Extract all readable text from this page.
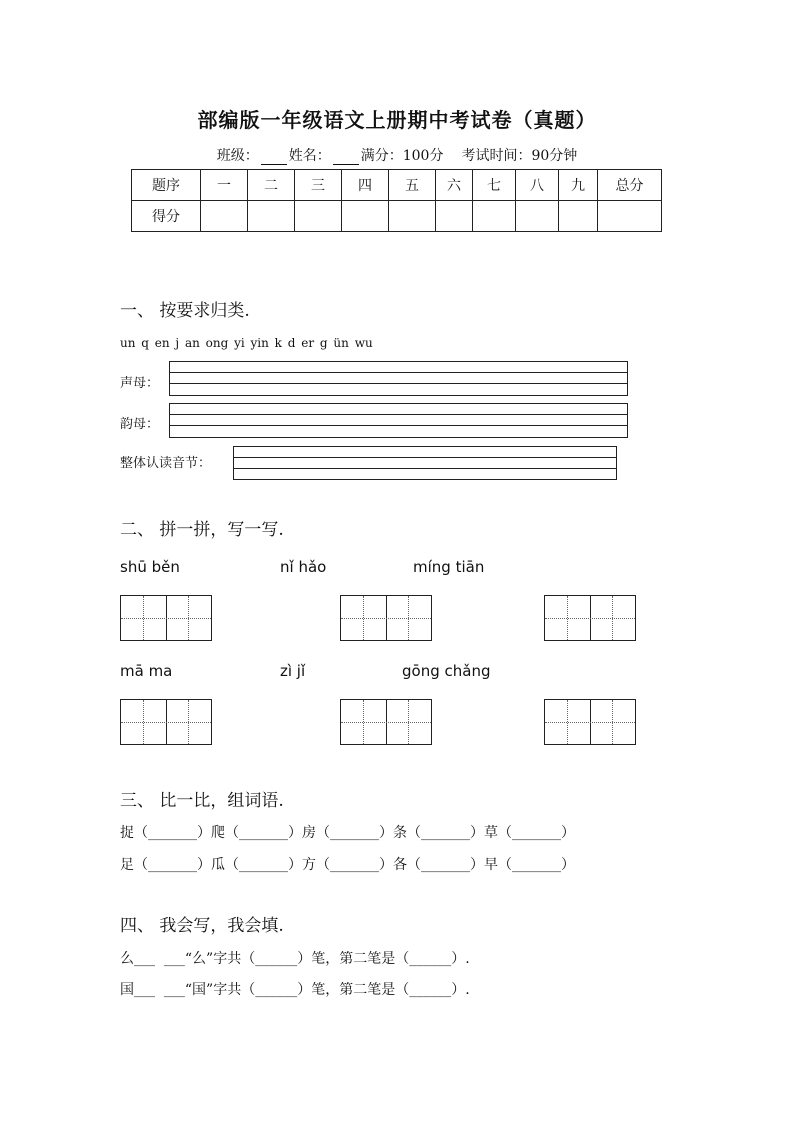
部编版一年级语文上册期中考试卷（真题）
班级： 姓名： 满分：100分 考试时间：90分钟
题序	一	二	三	四	五	六	七	八	九	总分
得分										
一、 按要求归类.
un q en j an ong yi yin k d er g ün wu
声母：
韵母：
整体认读音节：
二、 拼一拼，写一写.
shū běn	nǐ hǎo	míng tiān
mā ma	zì jǐ	gōng chǎng
三、 比一比，组词语.
捉（_______）爬（_______）房（_______）条（_______）草（_______）
足（_______）瓜（_______）方（_______）各（_______）早（_______）
四、 我会写，我会填.
么___  ___“么”字共（______）笔，第二笔是（______）.
国___  ___“国”字共（______）笔，第二笔是（______）.
